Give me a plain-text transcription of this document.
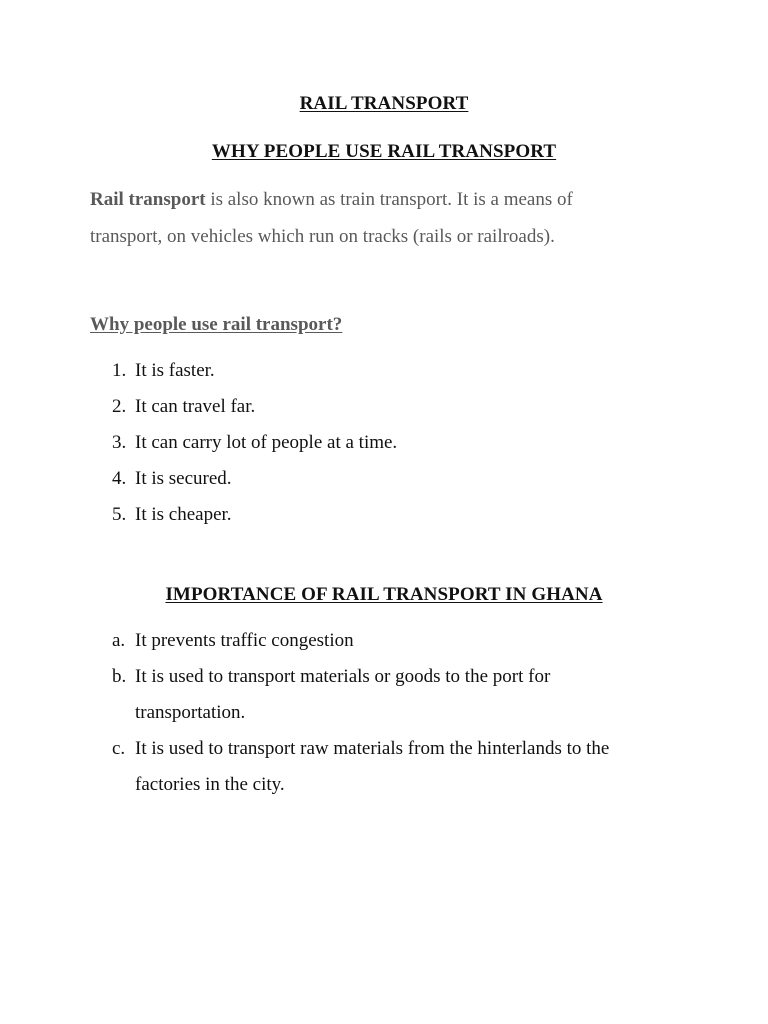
RAIL TRANSPORT
WHY PEOPLE USE RAIL TRANSPORT
Rail transport is also known as train transport. It is a means of
transport, on vehicles which run on tracks (rails or railroads).
Why people use rail transport?
1. It is faster.
2. It can travel far.
3. It can carry lot of people at a time.
4. It is secured.
5. It is cheaper.
IMPORTANCE OF RAIL TRANSPORT IN GHANA
a. It prevents traffic congestion
b. It is used to transport materials or goods to the port for transportation.
c. It is used to transport raw materials from the hinterlands to the factories in the city.
